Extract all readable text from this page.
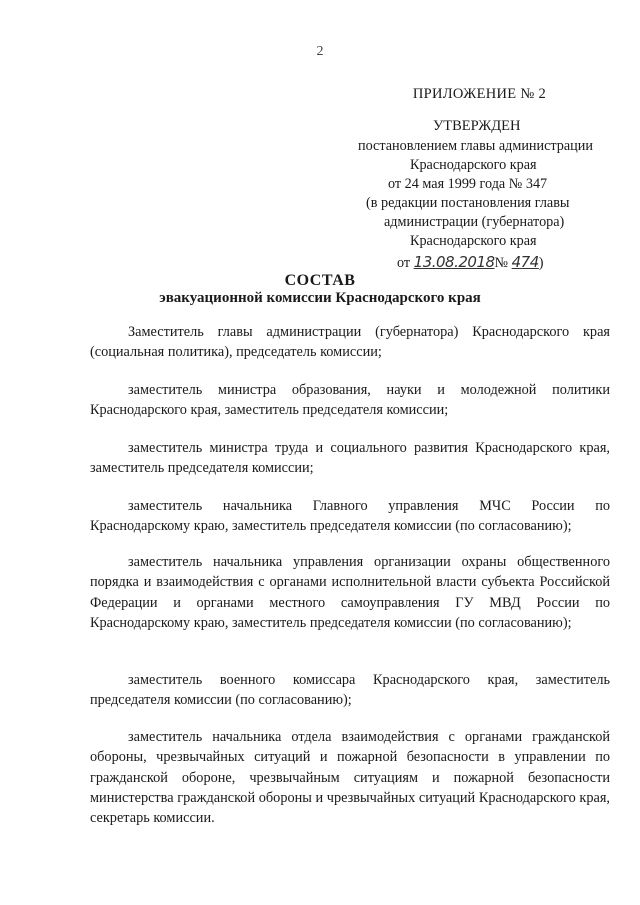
2
ПРИЛОЖЕНИЕ № 2
УТВЕРЖДЕН
постановлением главы администрации
Краснодарского края
от 24 мая 1999 года № 347
(в редакции постановления главы
администрации (губернатора)
Краснодарского края
от 13.08.2018№ 474)
СОСТАВ
эвакуационной комиссии Краснодарского края

Заместитель главы администрации (губернатора) Краснодарского края (социальная политика), председатель комиссии;

заместитель министра образования, науки и молодежной политики Краснодарского края, заместитель председателя комиссии;

заместитель министра труда и социального развития Краснодарского края, заместитель председателя комиссии;

заместитель начальника Главного управления МЧС России по Краснодарскому краю, заместитель председателя комиссии (по согласованию);

заместитель начальника управления организации охраны общественного порядка и взаимодействия с органами исполнительной власти субъекта Российской Федерации и органами местного самоуправления ГУ МВД России по Краснодарскому краю, заместитель председателя комиссии (по согласованию);

заместитель военного комиссара Краснодарского края, заместитель председателя комиссии (по согласованию);

заместитель начальника отдела взаимодействия с органами гражданской обороны, чрезвычайных ситуаций и пожарной безопасности в управлении по гражданской обороне, чрезвычайным ситуациям и пожарной безопасности министерства гражданской обороны и чрезвычайных ситуаций Краснодарского края, секретарь комиссии.
